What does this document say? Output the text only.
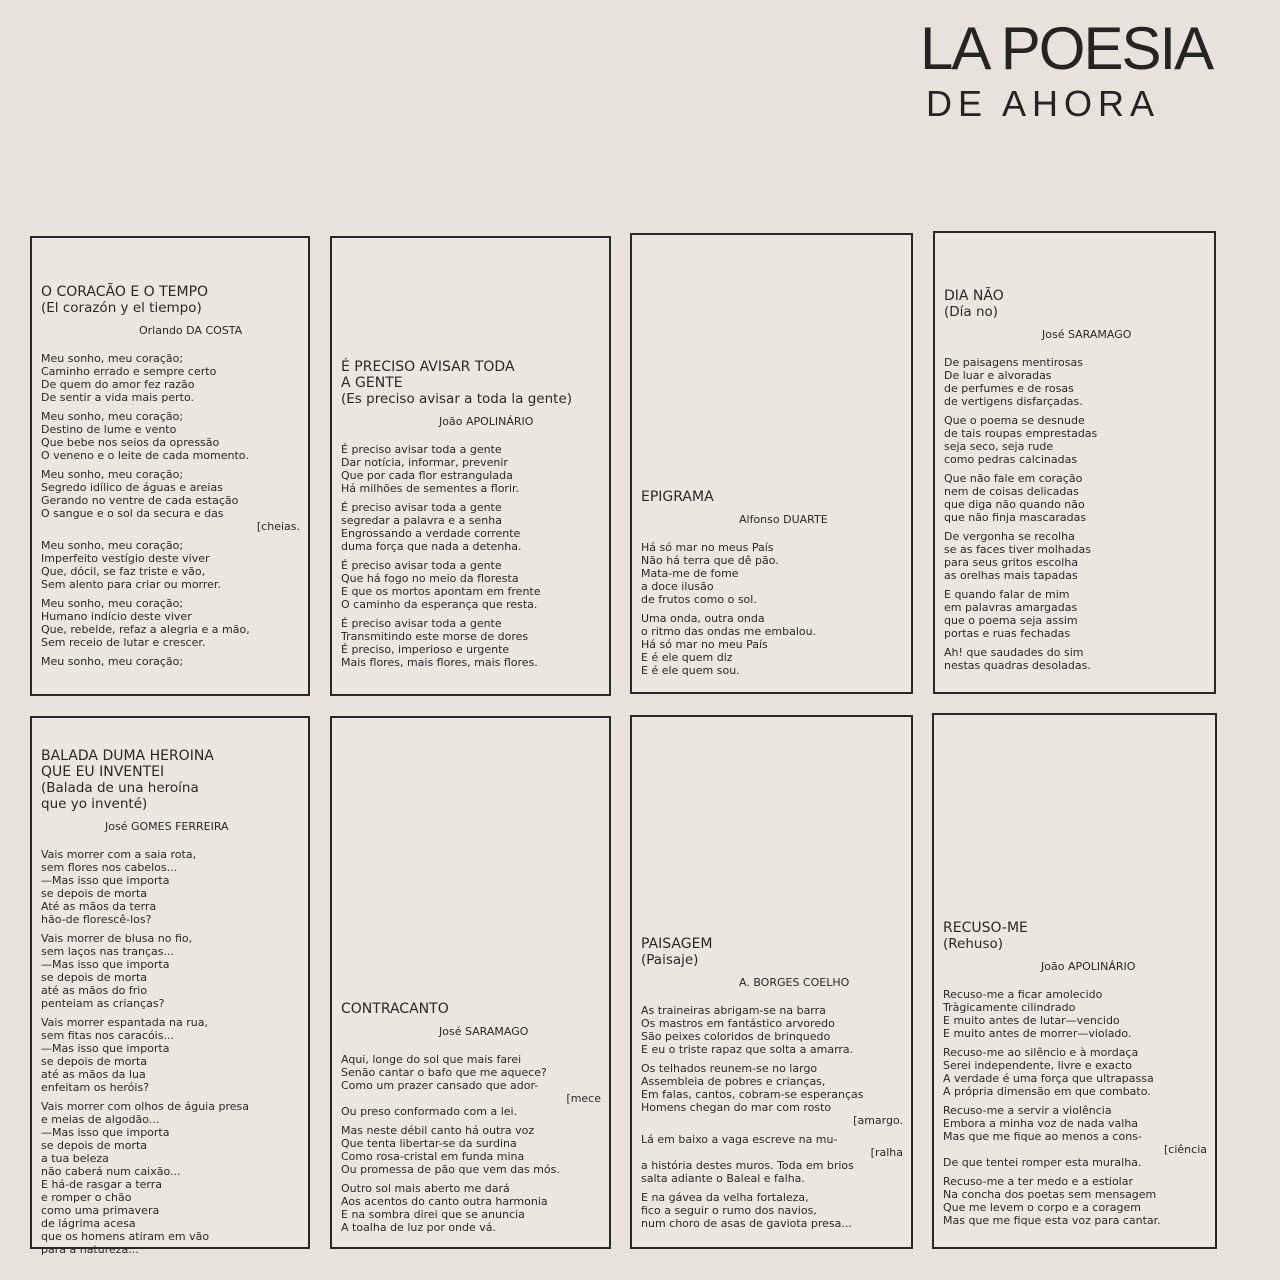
LA POESIA
DE AHORA
O CORACÃO E O TEMPO
(El corazón y el tiempo)
Orlando DA COSTA
Meu sonho, meu coração;
Caminho errado e sempre certo
De quem do amor fez razão
De sentir a vida mais perto.
Meu sonho, meu coração;
Destino de lume e vento
Que bebe nos seios da opressão
O veneno e o leite de cada momento.
Meu sonho, meu coração;
Segredo idílico de águas e areias
Gerando no ventre de cada estação
O sangue e o sol da secura e das
[cheias.
Meu sonho, meu coração;
Imperfeito vestígio deste viver
Que, dócil, se faz triste e vão,
Sem alento para criar ou morrer.
Meu sonho, meu coração;
Humano indício deste viver
Que, rebelde, refaz a alegria e a mão,
Sem receio de lutar e crescer.
Meu sonho, meu coração;
É PRECISO AVISAR TODA
A GENTE
(Es preciso avisar a toda la gente)
João APOLINÁRIO
É preciso avisar toda a gente
Dar notícia, informar, prevenir
Que por cada flor estrangulada
Há milhões de sementes a florir.
É preciso avisar toda a gente
segredar a palavra e a senha
Engrossando a verdade corrente
duma força que nada a detenha.
É preciso avisar toda a gente
Que há fogo no meio da floresta
E que os mortos apontam em frente
O caminho da esperança que resta.
É preciso avisar toda a gente
Transmitindo este morse de dores
É preciso, imperioso e urgente
Mais flores, mais flores, mais flores.
EPIGRAMA
Alfonso DUARTE
Há só mar no meus País
Não há terra que dê pão.
Mata-me de fome
a doce ilusão
de frutos como o sol.
Uma onda, outra onda
o ritmo das ondas me embalou.
Há só mar no meu País
E é ele quem diz
E é ele quem sou.
DIA NÃO
(Día no)
José SARAMAGO
De paisagens mentirosas
De luar e alvoradas
de perfumes e de rosas
de vertigens disfarçadas.
Que o poema se desnude
de tais roupas emprestadas
seja seco, seja rude
como pedras calcinadas
Que não fale em coração
nem de coisas delicadas
que diga não quando não
que não finja mascaradas
De vergonha se recolha
se as faces tiver molhadas
para seus gritos escolha
as orelhas mais tapadas
E quando falar de mim
em palavras amargadas
que o poema seja assim
portas e ruas fechadas
Ah! que saudades do sim
nestas quadras desoladas.
BALADA DUMA HEROINA
QUE EU INVENTEI
(Balada de una heroína
que yo inventé)
José GOMES FERREIRA
Vais morrer com a saia rota,
sem flores nos cabelos...
—Mas isso que importa
se depois de morta
Até as mãos da terra
hão-de florescê-los?
Vais morrer de blusa no fio,
sem laços nas tranças...
—Mas isso que importa
se depois de morta
até as mãos do frio
penteiam as crianças?
Vais morrer espantada na rua,
sem fitas nos caracóis...
—Mas isso que importa
se depois de morta
até as mãos da lua
enfeitam os heróis?
Vais morrer com olhos de águia presa
e meias de algodão...
—Mas isso que importa
se depois de morta
a tua beleza
não caberá num caixão...
E há-de rasgar a terra
e romper o chão
como uma primavera
de lágrima acesa
que os homens atiram em vão
para a natureza...
CONTRACANTO
José SARAMAGO
Aqui, longe do sol que mais farei
Senão cantar o bafo que me aquece?
Como um prazer cansado que ador-
[mece
Ou preso conformado com a lei.
Mas neste débil canto há outra voz
Que tenta libertar-se da surdina
Como rosa-cristal em funda mina
Ou promessa de pão que vem das mós.
Outro sol mais aberto me dará
Aos acentos do canto outra harmonia
E na sombra direi que se anuncia
A toalha de luz por onde vá.
PAISAGEM
(Paisaje)
A. BORGES COELHO
As traineiras abrigam-se na barra
Os mastros em fantástico arvoredo
São peixes coloridos de brinquedo
E eu o triste rapaz que solta a amarra.
Os telhados reunem-se no largo
Assembleia de pobres e crianças,
Em falas, cantos, cobram-se esperanças
Homens chegan do mar com rosto
[amargo.
Lá em baixo a vaga escreve na mu-
[ralha
a história destes muros. Toda em brios
salta adiante o Baleal e falha.
E na gávea da velha fortaleza,
fico a seguir o rumo dos navios,
num choro de asas de gaviota presa...
RECUSO-ME
(Rehuso)
João APOLINÁRIO
Recuso-me a ficar amolecido
Tràgicamente cilindrado
E muito antes de lutar—vencido
E muito antes de morrer—violado.
Recuso-me ao silêncio e à mordaça
Serei independente, livre e exacto
A verdade é uma força que ultrapassa
A própria dimensão em que combato.
Recuso-me a servir a violência
Embora a minha voz de nada valha
Mas que me fique ao menos a cons-
[ciência
De que tentei romper esta muralha.
Recuso-me a ter medo e a estiolar
Na concha dos poetas sem mensagem
Que me levem o corpo e a coragem
Mas que me fique esta voz para cantar.
